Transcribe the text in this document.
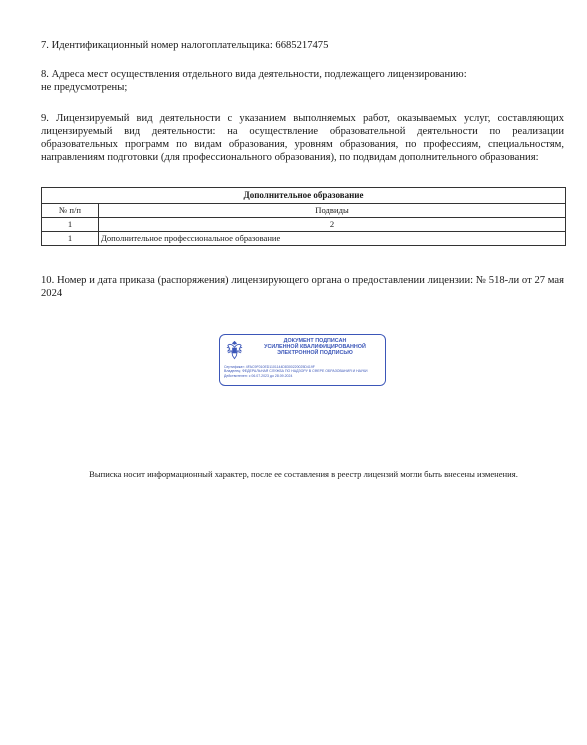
7. Идентификационный номер налогоплательщика: 6685217475
8. Адреса мест осуществления отдельного вида деятельности, подлежащего лицензированию:
не предусмотрены;
9. Лицензируемый вид деятельности с указанием выполняемых работ, оказываемых услуг, составляющих лицензируемый вид деятельности: на осуществление образовательной деятельности по реализации образовательных программ по видам образования, уровням образования, по профессиям, специальностям, направлениям подготовки (для профессионального образования), по подвидам дополнительного образования:
Дополнительное образование	
№ п/п	Подвиды
1	2
1	Дополнительное профессиональное образование
10. Номер и дата приказа (распоряжения) лицензирующего органа о предоставлении лицензии: № 518-ли от 27 мая 2024
ДОКУМЕНТ ПОДПИСАН
УСИЛЕННОЙ КВАЛИФИЦИРОВАННОЙ
ЭЛЕКТРОННОЙ ПОДПИСЬЮ
Сертификат: 4FAC9F010ED1101144D8300220025D419F
Владелец: ФЕДЕРАЛЬНАЯ СЛУЖБА ПО НАДЗОРУ В СФЕРЕ ОБРАЗОВАНИЯ И НАУКИ
Действителен: с 06.07.2023 до 28.09.2024
Выписка носит информационный характер, после ее составления в реестр лицензий могли быть внесены изменения.
